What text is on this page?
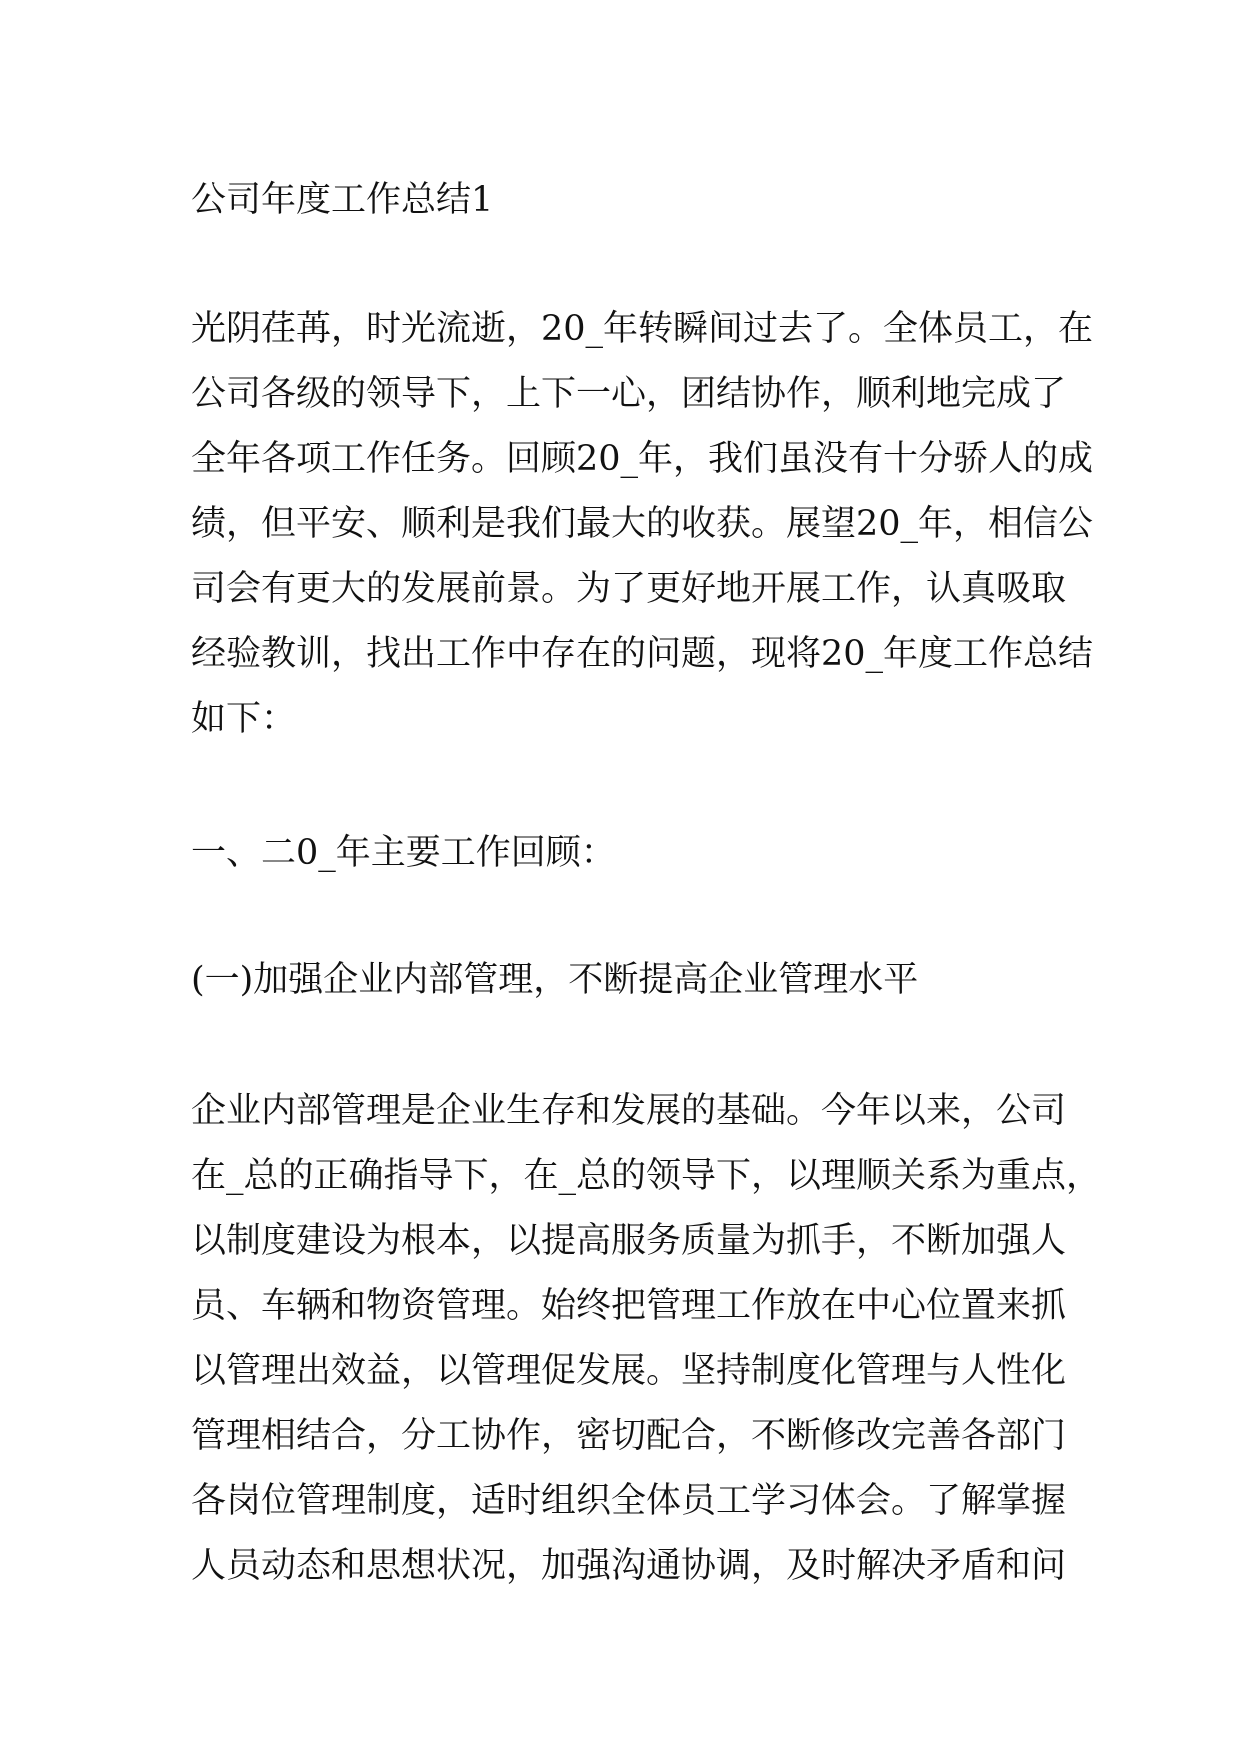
公司年度工作总结1
光阴荏苒，时光流逝，20_年转瞬间过去了。全体员工，在
公司各级的领导下，上下一心，团结协作，顺利地完成了
全年各项工作任务。回顾20_年，我们虽没有十分骄人的成
绩，但平安、顺利是我们最大的收获。展望20_年，相信公
司会有更大的发展前景。为了更好地开展工作，认真吸取
经验教训，找出工作中存在的问题，现将20_年度工作总结
如下：
一、二0_年主要工作回顾：
(一)加强企业内部管理，不断提高企业管理水平
企业内部管理是企业生存和发展的基础。今年以来，公司
在_总的正确指导下，在_总的领导下，以理顺关系为重点，
以制度建设为根本，以提高服务质量为抓手，不断加强人
员、车辆和物资管理。始终把管理工作放在中心位置来抓
以管理出效益，以管理促发展。坚持制度化管理与人性化
管理相结合，分工协作，密切配合，不断修改完善各部门
各岗位管理制度，适时组织全体员工学习体会。了解掌握
人员动态和思想状况，加强沟通协调，及时解决矛盾和问
